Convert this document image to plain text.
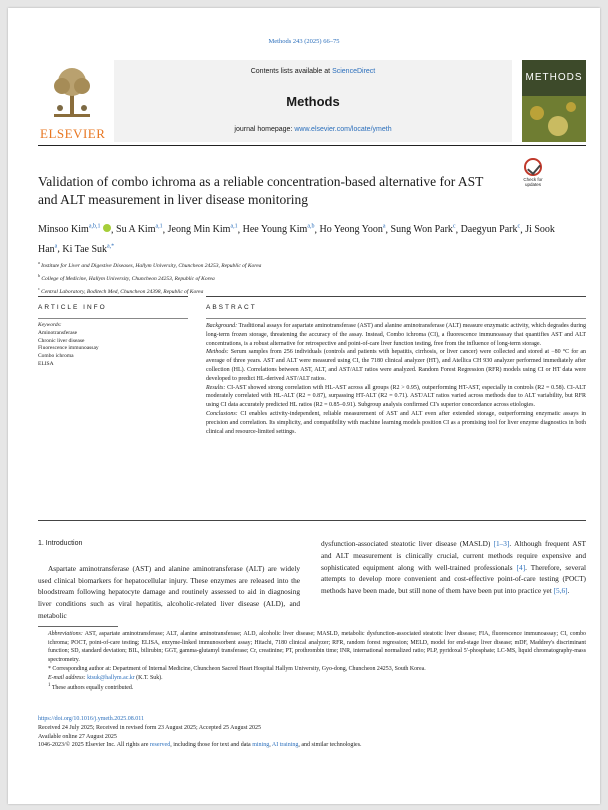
Methods 243 (2025) 66–75
ELSEVIER
Contents lists available at ScienceDirect
Methods
journal homepage: www.elsevier.com/locate/ymeth
METHODS
Validation of combo ichroma as a reliable concentration-based alternative for AST and ALT measurement in liver disease monitoring
Check for updates
Minsoo Kim$^{a,b,1}$ , Su A Kim$^{a,1}$, Jeong Min Kim$^{a,1}$, Hee Young Kim$^{a,b}$, Ho Yeong Yoon$^a$, Sung Won Park$^c$, Daegyun Park$^c$, Ji Sook Han$^a$, Ki Tae Suk$^{a,*}$
$^a$ Institute for Liver and Digestive Diseases, Hallym University, Chuncheon 24253, Republic of Korea
$^b$ College of Medicine, Hallym University, Chuncheon 24253, Republic of Korea
$^c$ Central Laboratory, Boditech Med, Chuncheon 24398, Republic of Korea
ARTICLE INFO	ABSTRACT
Keywords:
Aminotransferase
Chronic liver disease
Fluorescence immunoassay
Combo ichroma
ELISA

Background: Traditional assays for aspartate aminotransferase (AST) and alanine aminotransferase (ALT) measure enzymatic activity, which degrades during long-term frozen storage, threatening the accuracy of the assay. Instead, Combo ichroma (CI), a fluorescence immunoassay that quantifies AST and ALT concentrations, is a robust alternative for retrospective and point-of-care liver function testing, free from the influence of long-term storage.

Methods: Serum samples from 256 individuals (controls and patients with hepatitis, cirrhosis, or liver cancer) were collected and stored at −80 °C for an average of three years. AST and ALT were measured using CI, the 7180 clinical analyzer (HT), and Atellica CH 930 analyzer performed immediately after collection (HL). Correlations between AST, ALT, and AST/ALT ratios were analyzed. Random Forest Regression (RFR) models using CI or HT data were developed to predict HL-derived AST/ALT ratios.

Results: CI-AST showed strong correlation with HL-AST across all groups (R2 > 0.95), outperforming HT-AST, especially in controls (R2 = 0.58). CI-ALT moderately correlated with HL-ALT (R2 = 0.87), surpassing HT-ALT (R2 = 0.71). AST/ALT ratios varied across methods due to ALT variability, but RFR using CI data accurately predicted HL ratios (R2 = 0.85–0.91). Subgroup analysis confirmed CI's superior concordance across etiologies.

Conclusions: CI enables activity-independent, reliable measurement of AST and ALT even after extended storage, outperforming enzymatic assays in precision and correlation. Its simplicity, and compatibility with machine learning models position CI as a promising tool for liver enzyme diagnostics in both clinical and resource-limited settings.

1. Introduction

Aspartate aminotransferase (AST) and alanine aminotransferase (ALT) are widely used clinical biomarkers for hepatocellular injury. These enzymes are released into the bloodstream following hepatocyte damage and routinely assessed to aid in diagnosing liver conditions such as viral hepatitis, alcoholic-related liver disease (ALD), and metabolic

dysfunction-associated steatotic liver disease (MASLD) [1–3]. Although frequent AST and ALT measurement is clinically crucial, current methods require expensive and sophisticated equipment along with well-trained professionals [4]. Therefore, several attempts to develop more convenient and cost-effective point-of-care testing (POCT) methods have been made, but still none of them have been put into practice yet [5,6].

Abbreviations: AST, aspartate aminotransferase; ALT, alanine aminotransferase; ALD, alcoholic liver disease; MASLD, metabolic dysfunction-associated steatotic liver disease; FIA, fluorescence immunoassay; CI, combo ichroma; POCT, point-of-care testing; ELISA, enzyme-linked immunosorbent assay; Hitachi, 7180 clinical analyzer; RFR, random forest regression; MELD, model for end-stage liver disease; mDF, Maddrey's discriminant function; SD, standard deviation; BIL, bilirubin; GGT, gamma-glutamyl transferase; Cr, creatinine; PT, prothrombin time; INR, international normalized ratio; PLP, pyridoxal 5′-phosphate; LC-MS, liquid chromatography-mass spectrometry.
* Corresponding author at: Department of Internal Medicine, Chuncheon Sacred Heart Hospital Hallym University, Gyo-dong, Chuncheon 24253, South Korea.
E-mail address: ktsuk@hallym.ac.kr (K.T. Suk).
$^1$ These authors equally contributed.
https://doi.org/10.1016/j.ymeth.2025.08.011
Received 24 July 2025; Received in revised form 23 August 2025; Accepted 25 August 2025
Available online 27 August 2025
1046-2023/© 2025 Elsevier Inc. All rights are reserved, including those for text and data mining, AI training, and similar technologies.
